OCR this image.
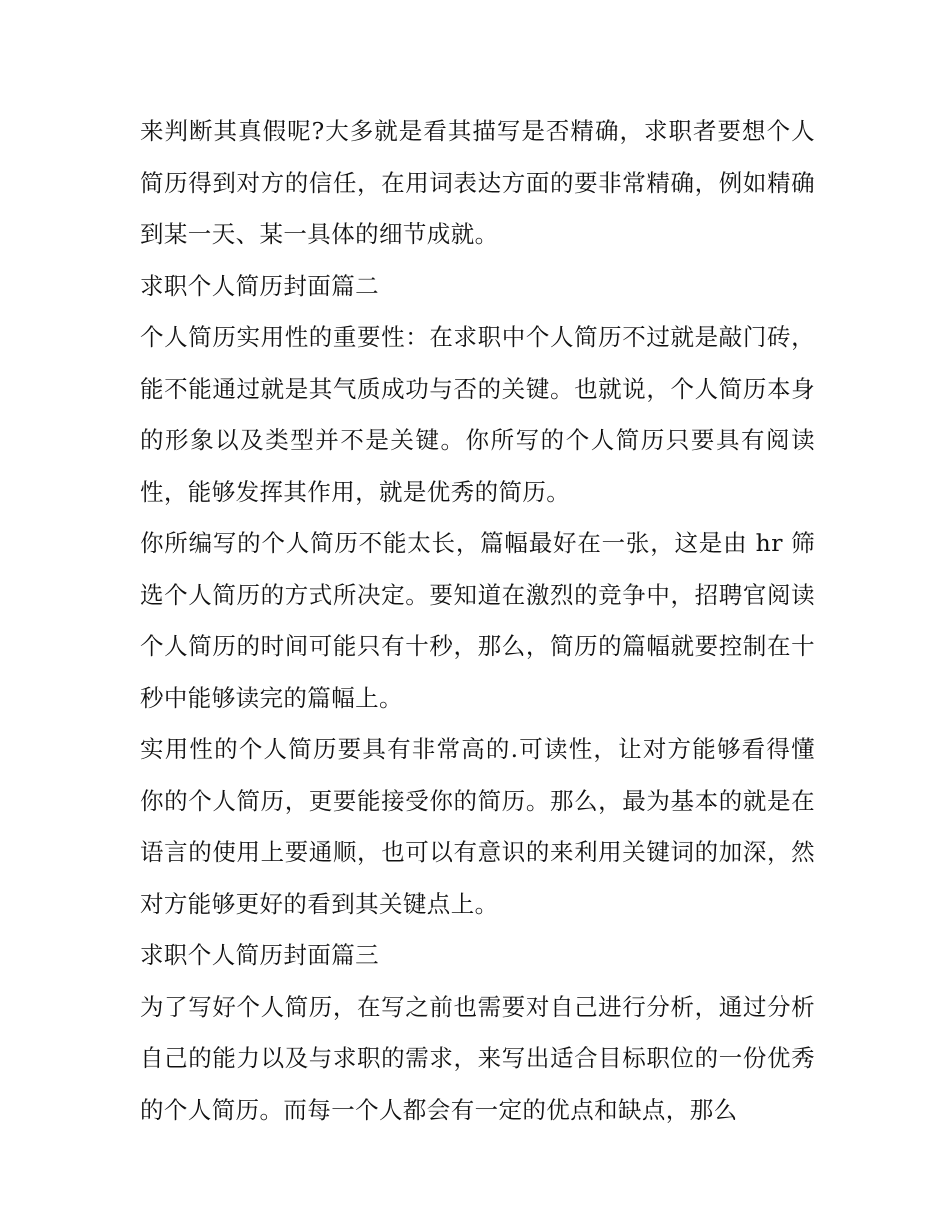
来判断其真假呢?大多就是看其描写是否精确，求职者要想个人简历得到对方的信任，在用词表达方面的要非常精确，例如精确到某一天、某一具体的细节成就。

求职个人简历封面篇二

个人简历实用性的重要性：在求职中个人简历不过就是敲门砖，能不能通过就是其气质成功与否的关键。也就说，个人简历本身的形象以及类型并不是关键。你所写的个人简历只要具有阅读性，能够发挥其作用，就是优秀的简历。

你所编写的个人简历不能太长，篇幅最好在一张，这是由 hr 筛选个人简历的方式所决定。要知道在激烈的竞争中，招聘官阅读个人简历的时间可能只有十秒，那么，简历的篇幅就要控制在十秒中能够读完的篇幅上。

实用性的个人简历要具有非常高的.可读性，让对方能够看得懂你的个人简历，更要能接受你的简历。那么，最为基本的就是在语言的使用上要通顺，也可以有意识的来利用关键词的加深，然对方能够更好的看到其关键点上。

求职个人简历封面篇三

为了写好个人简历，在写之前也需要对自己进行分析，通过分析自己的能力以及与求职的需求，来写出适合目标职位的一份优秀的个人简历。而每一个人都会有一定的优点和缺点，那么
